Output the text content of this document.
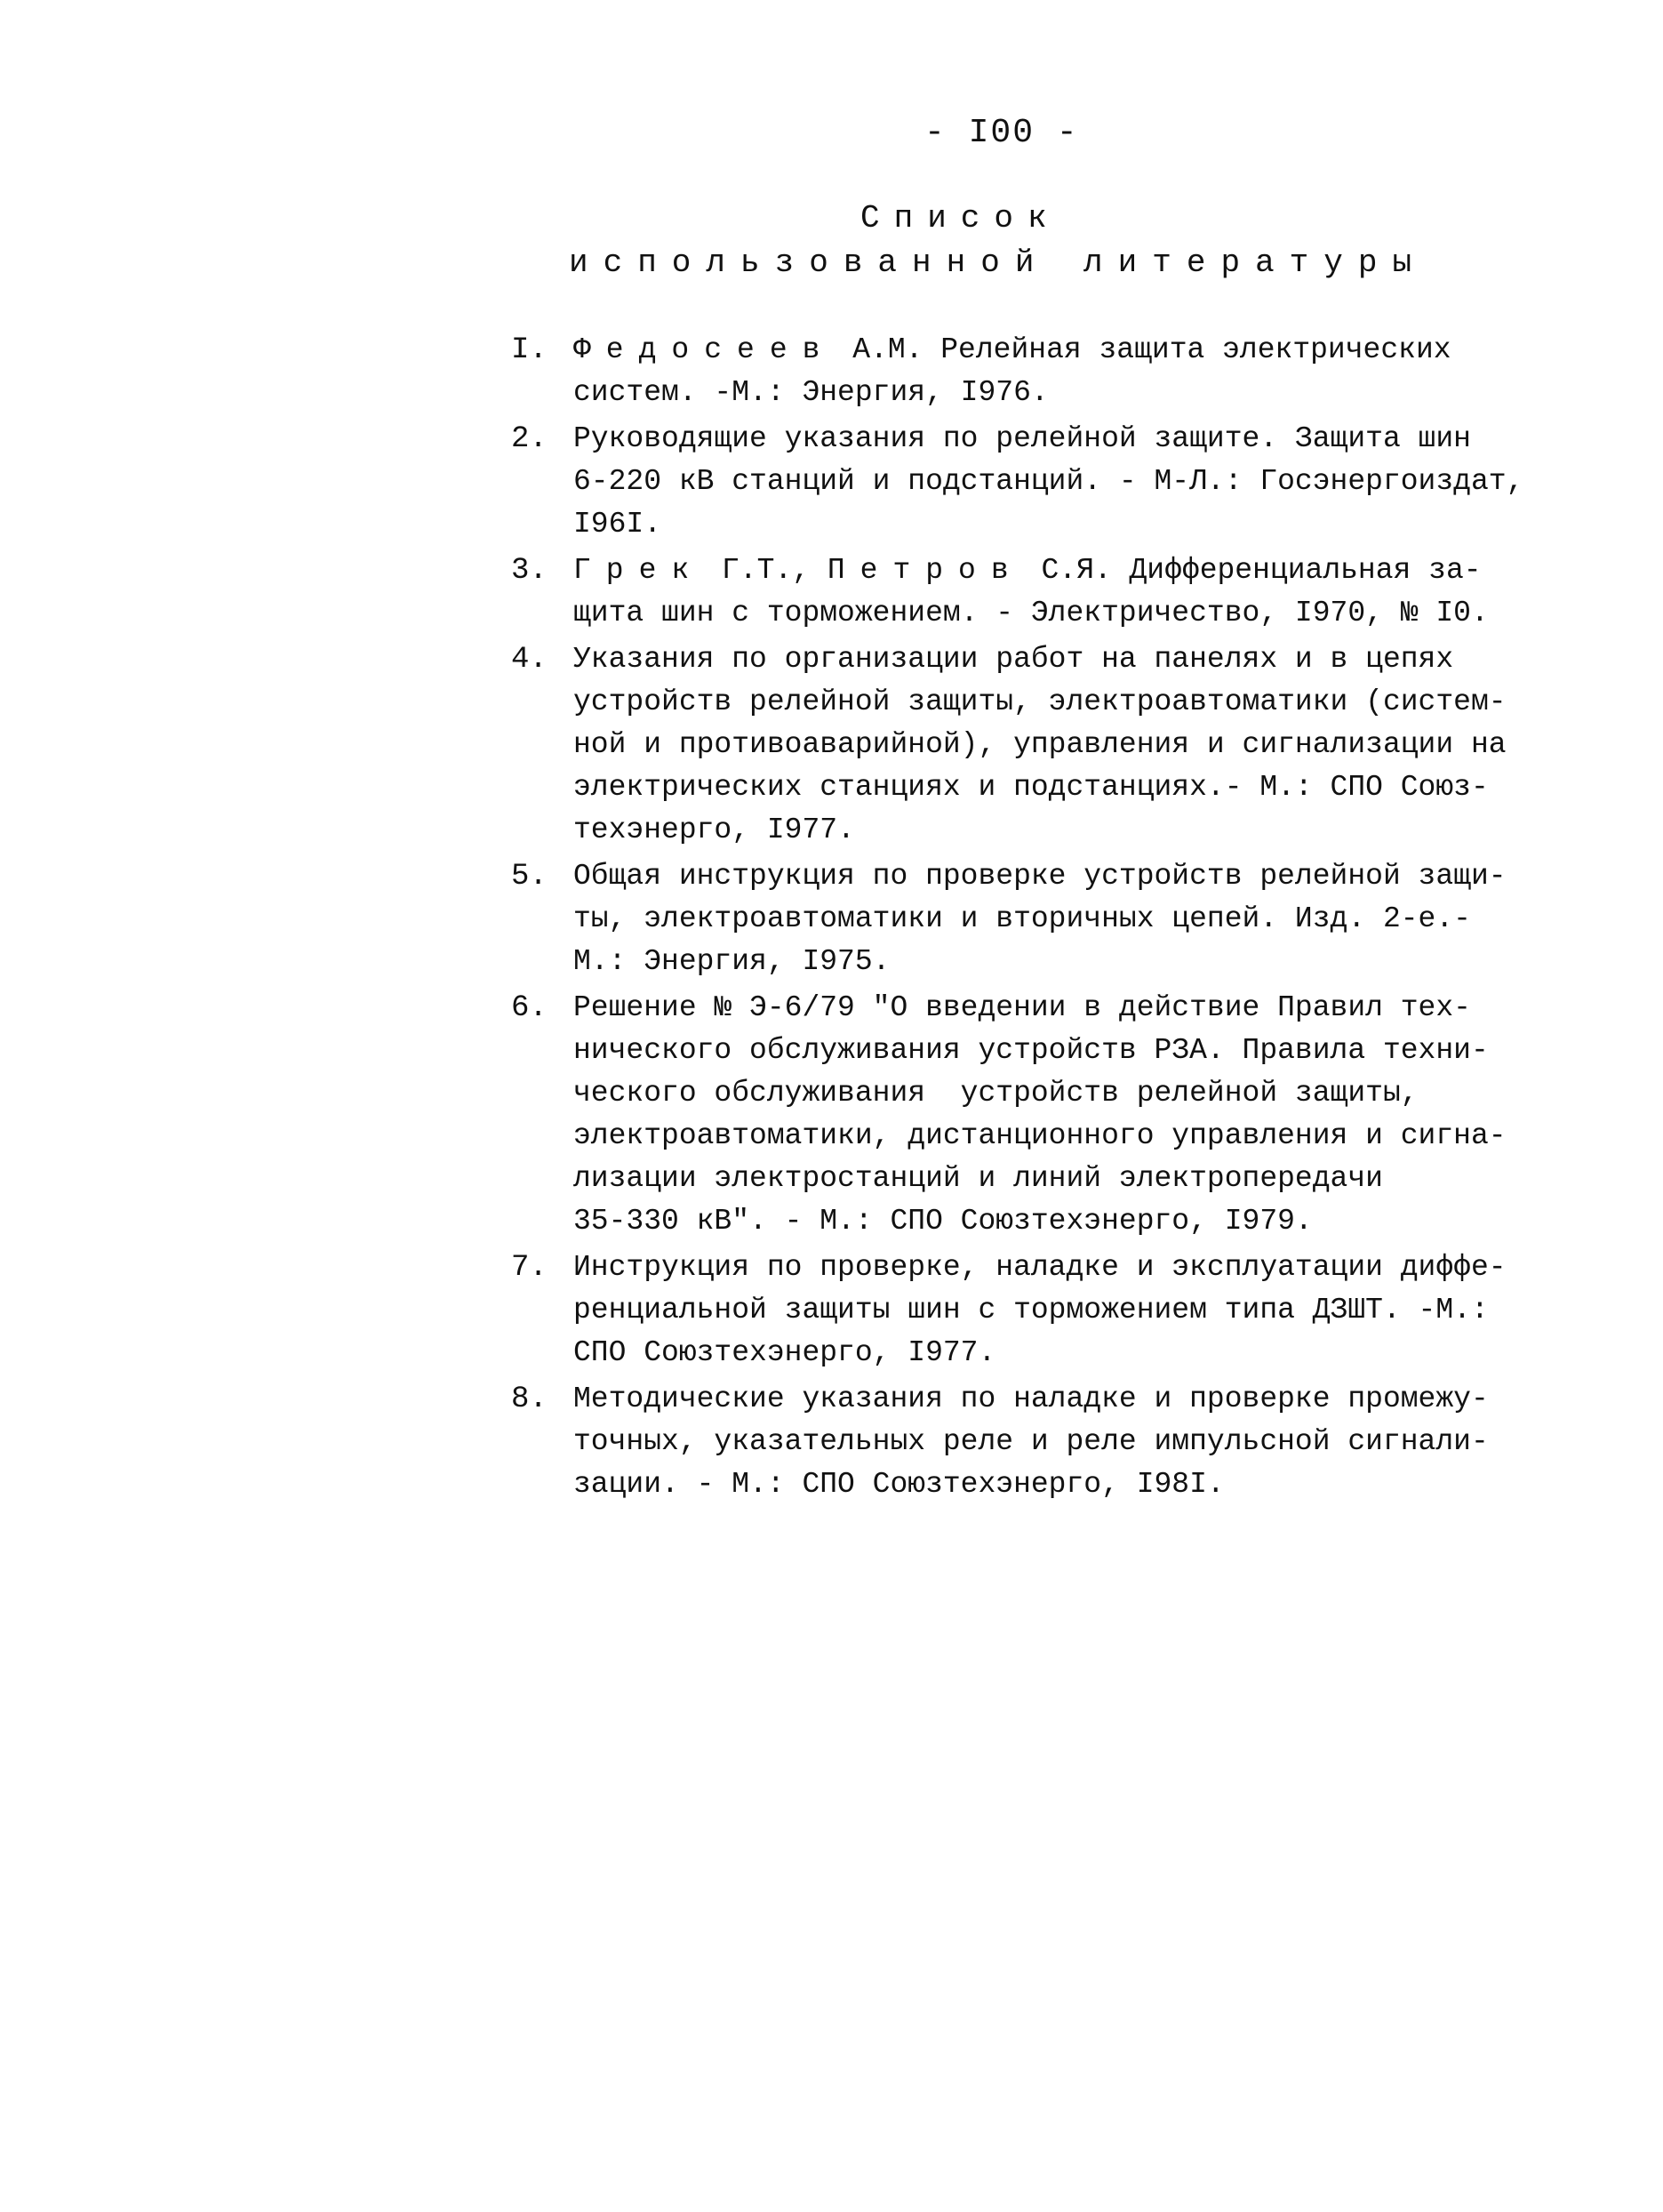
- I00 -
Список
использованной литературы
I. Федосеев А.М. Релейная защита электрических
систем. -М.: Энергия, I976.
2. Руководящие указания по релейной защите. Защита шин
6-220 кВ станций и подстанций. - М-Л.: Госэнергоиздат,
I96I.
3. Грек Г.Т., Петров С.Я. Дифференциальная за-
щита шин с торможением. - Электричество, I970, № I0.
4. Указания по организации работ на панелях и в цепях
устройств релейной защиты, электроавтоматики (систем-
ной и противоаварийной), управления и сигнализации на
электрических станциях и подстанциях.- М.: СПО Союз-
техэнерго, I977.
5. Общая инструкция по проверке устройств релейной защи-
ты, электроавтоматики и вторичных цепей. Изд. 2-е.-
М.: Энергия, I975.
6. Решение № Э-6/79 "О введении в действие Правил тех-
нического обслуживания устройств РЗА. Правила техни-
ческого обслуживания  устройств релейной защиты,
электроавтоматики, дистанционного управления и сигна-
лизации электростанций и линий электропередачи
35-330 кВ". - М.: СПО Союзтехэнерго, I979.
7. Инструкция по проверке, наладке и эксплуатации диффе-
ренциальной защиты шин с торможением типа ДЗШТ. -М.:
СПО Союзтехэнерго, I977.
8. Методические указания по наладке и проверке промежу-
точных, указательных реле и реле импульсной сигнали-
зации. - М.: СПО Союзтехэнерго, I98I.
